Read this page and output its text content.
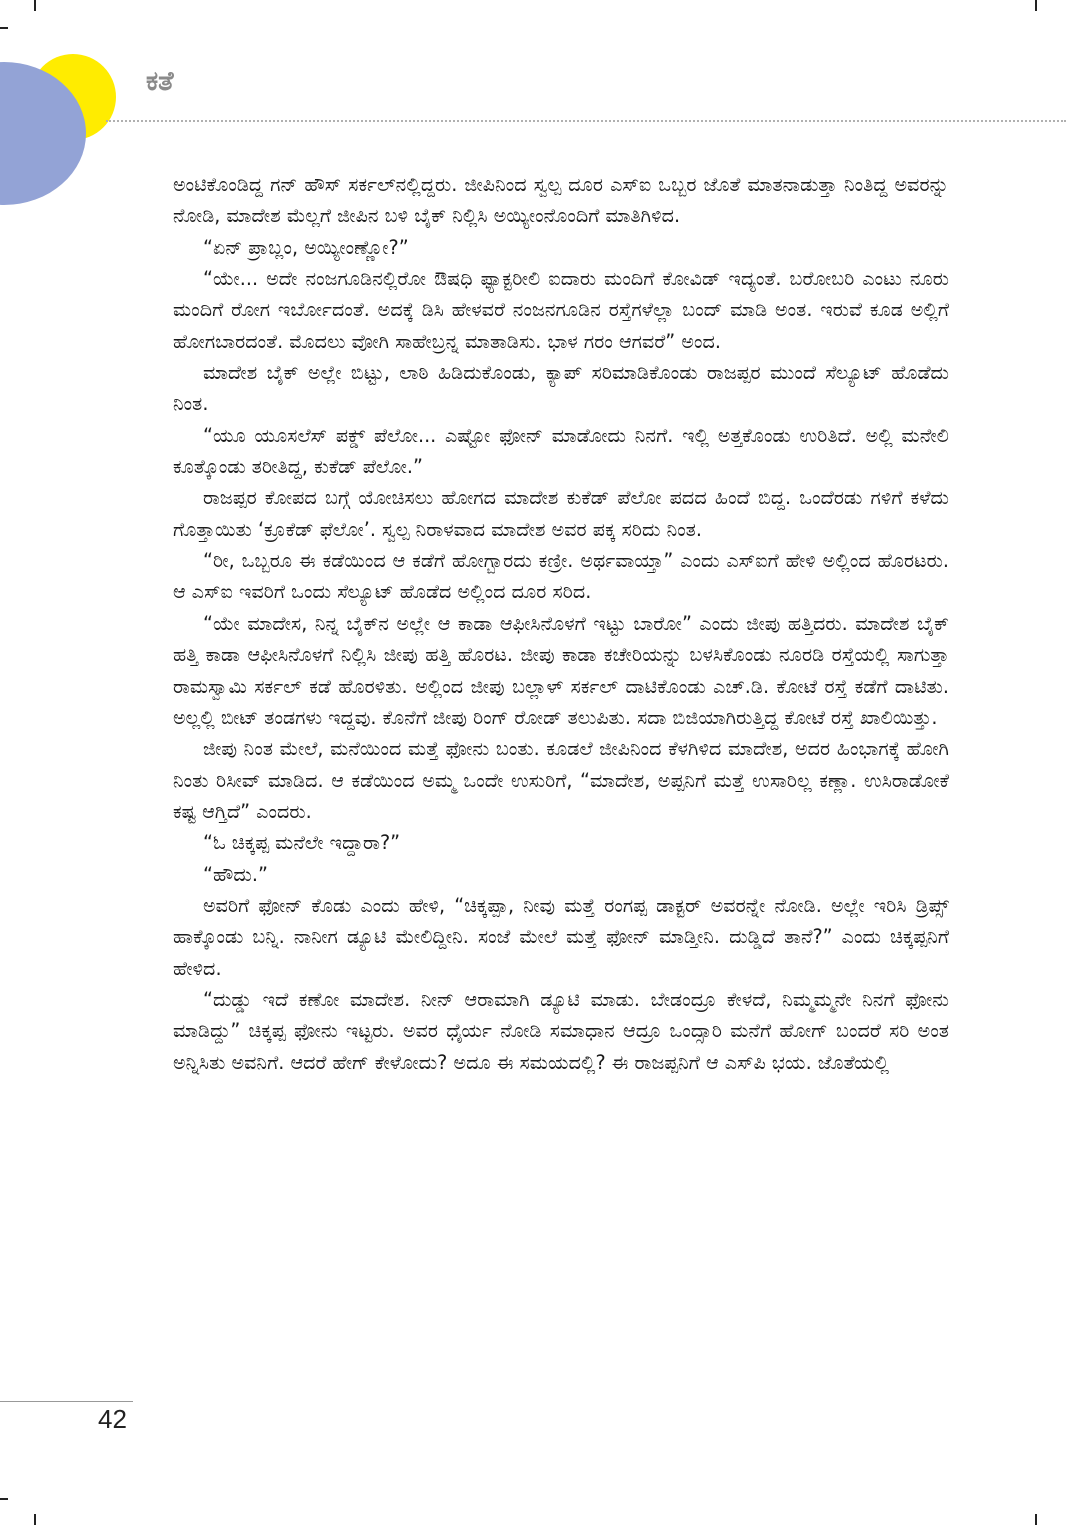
ಕತೆ

ಅಂಟಿಕೊಂಡಿದ್ದ ಗನ್ ಹೌಸ್ ಸರ್ಕಲ್‌ನಲ್ಲಿದ್ದರು. ಜೀಪಿನಿಂದ ಸ್ವಲ್ಪ ದೂರ ಎಸ್‌ಐ ಒಬ್ಬರ ಜೊತೆ ಮಾತನಾಡುತ್ತಾ ನಿಂತಿದ್ದ ಅವರನ್ನು ನೋಡಿ, ಮಾದೇಶ ಮೆಲ್ಲಗೆ ಜೀಪಿನ ಬಳಿ ಬೈಕ್ ನಿಲ್ಲಿಸಿ ಅಯ್ಯೀಂನೊಂದಿಗೆ ಮಾತಿಗಿಳಿದ.

“ಏನ್ ಪ್ರಾಬ್ಲಂ, ಅಯ್ಯೀಂಣ್ಣೋ?”

“ಯೇ... ಅದೇ ನಂಜಗೂಡಿನಲ್ಲಿರೋ ಔಷಧಿ ಫ್ಯಾಕ್ಟರೀಲಿ ಐದಾರು ಮಂದಿಗೆ ಕೋವಿಡ್ ಇದ್ಯಂತೆ. ಬರೋಬರಿ ಎಂಟು ನೂರು ಮಂದಿಗೆ ರೋಗ ಇರ್ಬೋದಂತೆ. ಅದಕ್ಕೆ ಡಿಸಿ ಹೇಳವರೆ ನಂಜನಗೂಡಿನ ರಸ್ತೆಗಳೆಲ್ಲಾ ಬಂದ್ ಮಾಡಿ ಅಂತ. ಇರುವೆ ಕೂಡ ಅಲ್ಲಿಗೆ ಹೋಗಬಾರದಂತೆ. ಮೊದಲು ವೋಗಿ ಸಾಹೇಬ್ರನ್ನ ಮಾತಾಡಿಸು. ಭಾಳ ಗರಂ ಆಗವರೆ” ಅಂದ.

ಮಾದೇಶ ಬೈಕ್ ಅಲ್ಲೇ ಬಿಟ್ಟು, ಲಾಠಿ ಹಿಡಿದುಕೊಂಡು, ಕ್ಯಾಪ್ ಸರಿಮಾಡಿಕೊಂಡು ರಾಜಪ್ಪರ ಮುಂದೆ ಸೆಲ್ಯೂಟ್ ಹೊಡೆದು ನಿಂತ.

“ಯೂ ಯೂಸಲೆಸ್ ಪಕ್ಡ್ ಪೆಲೋ... ಎಷ್ಟೋ ಫೋನ್ ಮಾಡೋದು ನಿನಗೆ. ಇಲ್ಲಿ ಅತ್ತಕೊಂಡು ಉರಿತಿದೆ. ಅಲ್ಲಿ ಮನೇಲಿ ಕೂತ್ಕೊಂಡು ತರೀತಿದ್ದ, ಕುಕೆಡ್ ಪೆಲೋ.”

ರಾಜಪ್ಪರ ಕೋಪದ ಬಗ್ಗೆ ಯೋಚಿಸಲು ಹೋಗದ ಮಾದೇಶ ಕುಕೆಡ್ ಪೆಲೋ ಪದದ ಹಿಂದೆ ಬಿದ್ದ. ಒಂದೆರಡು ಗಳಿಗೆ ಕಳೆದು ಗೊತ್ತಾಯಿತು ‘ಕ್ರೂಕೆಡ್ ಫೆಲೋ’. ಸ್ವಲ್ಪ ನಿರಾಳವಾದ ಮಾದೇಶ ಅವರ ಪಕ್ಕ ಸರಿದು ನಿಂತ.

“ರೀ, ಒಬ್ಬರೂ ಈ ಕಡೆಯಿಂದ ಆ ಕಡೆಗೆ ಹೋಗ್ಬಾರದು ಕಣ್ರೀ. ಅರ್ಥವಾಯ್ತಾ” ಎಂದು ಎಸ್‌ಐಗೆ ಹೇಳಿ ಅಲ್ಲಿಂದ ಹೊರಟರು. ಆ ಎಸ್‌ಐ ಇವರಿಗೆ ಒಂದು ಸೆಲ್ಯೂಟ್ ಹೊಡೆದ ಅಲ್ಲಿಂದ ದೂರ ಸರಿದ.

“ಯೇ ಮಾದೇಸ, ನಿನ್ನ ಬೈಕ್‌ನ ಅಲ್ಲೇ ಆ ಕಾಡಾ ಆಫೀಸಿನೊಳಗೆ ಇಟ್ಟು ಬಾರೋ” ಎಂದು ಜೀಪು ಹತ್ತಿದರು. ಮಾದೇಶ ಬೈಕ್ ಹತ್ತಿ ಕಾಡಾ ಆಫೀಸಿನೊಳಗೆ ನಿಲ್ಲಿಸಿ ಜೀಪು ಹತ್ತಿ ಹೊರಟ. ಜೀಪು ಕಾಡಾ ಕಚೇರಿಯನ್ನು ಬಳಸಿಕೊಂಡು ನೂರಡಿ ರಸ್ತೆಯಲ್ಲಿ ಸಾಗುತ್ತಾ ರಾಮಸ್ವಾಮಿ ಸರ್ಕಲ್ ಕಡೆ ಹೊರಳಿತು. ಅಲ್ಲಿಂದ ಜೀಪು ಬಲ್ಲಾಳ್ ಸರ್ಕಲ್ ದಾಟಿಕೊಂಡು ಎಚ್.ಡಿ. ಕೋಟೆ ರಸ್ತೆ ಕಡೆಗೆ ದಾಟಿತು. ಅಲ್ಲಲ್ಲಿ ಬೀಟ್ ತಂಡಗಳು ಇದ್ದವು. ಕೊನೆಗೆ ಜೀಪು ರಿಂಗ್ ರೋಡ್ ತಲುಪಿತು. ಸದಾ ಬಿಜಿಯಾಗಿರುತ್ತಿದ್ದ ಕೋಟೆ ರಸ್ತೆ ಖಾಲಿಯಿತ್ತು.

ಜೀಪು ನಿಂತ ಮೇಲೆ, ಮನೆಯಿಂದ ಮತ್ತೆ ಫೋನು ಬಂತು. ಕೂಡಲೆ ಜೀಪಿನಿಂದ ಕೆಳಗಿಳಿದ ಮಾದೇಶ, ಅದರ ಹಿಂಭಾಗಕ್ಕೆ ಹೋಗಿ ನಿಂತು ರಿಸೀವ್ ಮಾಡಿದ. ಆ ಕಡೆಯಿಂದ ಅಮ್ಮ ಒಂದೇ ಉಸುರಿಗೆ, “ಮಾದೇಶ, ಅಪ್ಪನಿಗೆ ಮತ್ತೆ ಉಸಾರಿಲ್ಲ ಕಣ್ಲಾ. ಉಸಿರಾಡೋಕೆ ಕಷ್ಟ ಆಗ್ತಿದೆ” ಎಂದರು.

“ಓ ಚಿಕ್ಕಪ್ಪ ಮನೆಲೇ ಇದ್ದಾರಾ?”

“ಹೌದು.”

ಅವರಿಗೆ ಫೋನ್ ಕೊಡು ಎಂದು ಹೇಳಿ, “ಚಿಕ್ಕಪ್ಪಾ, ನೀವು ಮತ್ತೆ ರಂಗಪ್ಪ ಡಾಕ್ಟರ್ ಅವರನ್ನೇ ನೋಡಿ. ಅಲ್ಲೇ ಇರಿಸಿ ಡ್ರಿಪ್ಸ್ ಹಾಕ್ಕೊಂಡು ಬನ್ನಿ. ನಾನೀಗ ಡ್ಯೂಟಿ ಮೇಲಿದ್ದೀನಿ. ಸಂಜೆ ಮೇಲೆ ಮತ್ತೆ ಫೋನ್ ಮಾಡ್ತೀನಿ. ದುಡ್ಡಿದೆ ತಾನೆ?” ಎಂದು ಚಿಕ್ಕಪ್ಪನಿಗೆ ಹೇಳಿದ.

“ದುಡ್ಡು ಇದೆ ಕಣೋ ಮಾದೇಶ. ನೀನ್ ಆರಾಮಾಗಿ ಡ್ಯೂಟಿ ಮಾಡು. ಬೇಡಂದ್ರೂ ಕೇಳದೆ, ನಿಮ್ಮಮ್ಮನೇ ನಿನಗೆ ಫೋನು ಮಾಡಿದ್ದು” ಚಿಕ್ಕಪ್ಪ ಫೋನು ಇಟ್ಟರು. ಅವರ ಧೈರ್ಯ ನೋಡಿ ಸಮಾಧಾನ ಆದ್ರೂ ಒಂದ್ಸಾರಿ ಮನೆಗೆ ಹೋಗ್ ಬಂದರೆ ಸರಿ ಅಂತ ಅನ್ನಿಸಿತು ಅವನಿಗೆ. ಆದರೆ ಹೇಗ್ ಕೇಳೋದು? ಅದೂ ಈ ಸಮಯದಲ್ಲಿ? ಈ ರಾಜಪ್ಪನಿಗೆ ಆ ಎಸ್‌ಪಿ ಭಯ. ಜೊತೆಯಲ್ಲಿ

42
